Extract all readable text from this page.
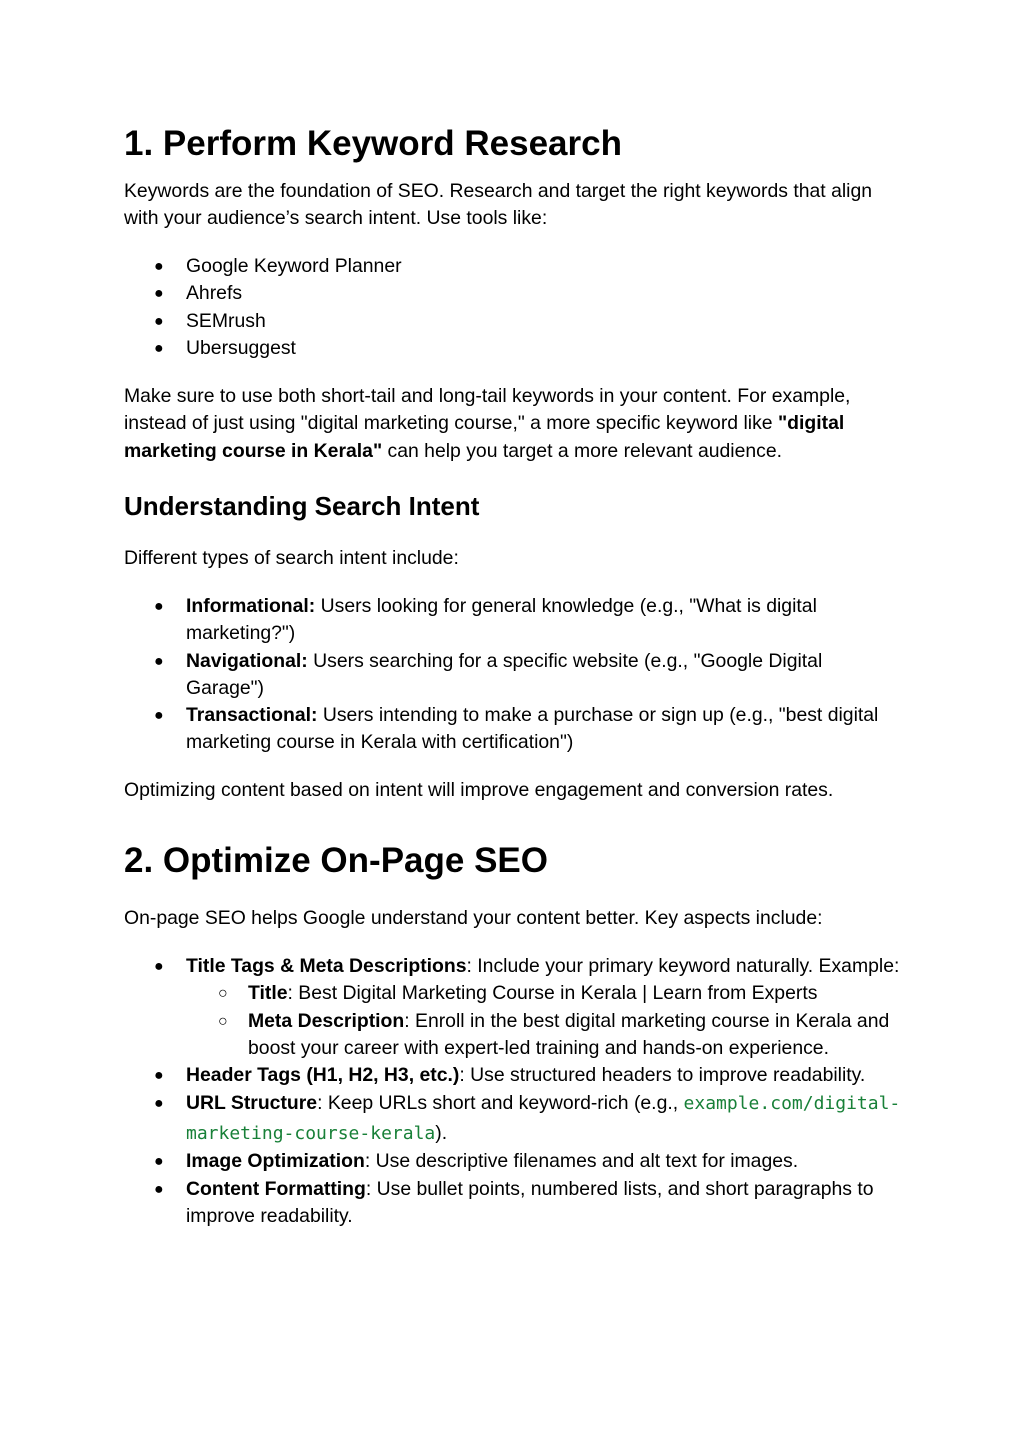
1. Perform Keyword Research

Keywords are the foundation of SEO. Research and target the right keywords that align with your audience’s search intent. Use tools like:

●	Google Keyword Planner
●	Ahrefs
●	SEMrush
●	Ubersuggest

Make sure to use both short-tail and long-tail keywords in your content. For example, instead of just using "digital marketing course," a more specific keyword like "digital marketing course in Kerala" can help you target a more relevant audience.

Understanding Search Intent

Different types of search intent include:

●	Informational: Users looking for general knowledge (e.g., "What is digital marketing?")
●	Navigational: Users searching for a specific website (e.g., "Google Digital Garage")
●	Transactional: Users intending to make a purchase or sign up (e.g., "best digital marketing course in Kerala with certification")

Optimizing content based on intent will improve engagement and conversion rates.

2. Optimize On-Page SEO

On-page SEO helps Google understand your content better. Key aspects include:

●	Title Tags & Meta Descriptions: Include your primary keyword naturally. Example:
○ Title: Best Digital Marketing Course in Kerala | Learn from Experts
○ Meta Description: Enroll in the best digital marketing course in Kerala and boost your career with expert-led training and hands-on experience.
●	Header Tags (H1, H2, H3, etc.): Use structured headers to improve readability.
●	URL Structure: Keep URLs short and keyword-rich (e.g., example.com/digital-marketing-course-kerala).
●	Image Optimization: Use descriptive filenames and alt text for images.
●	Content Formatting: Use bullet points, numbered lists, and short paragraphs to improve readability.
